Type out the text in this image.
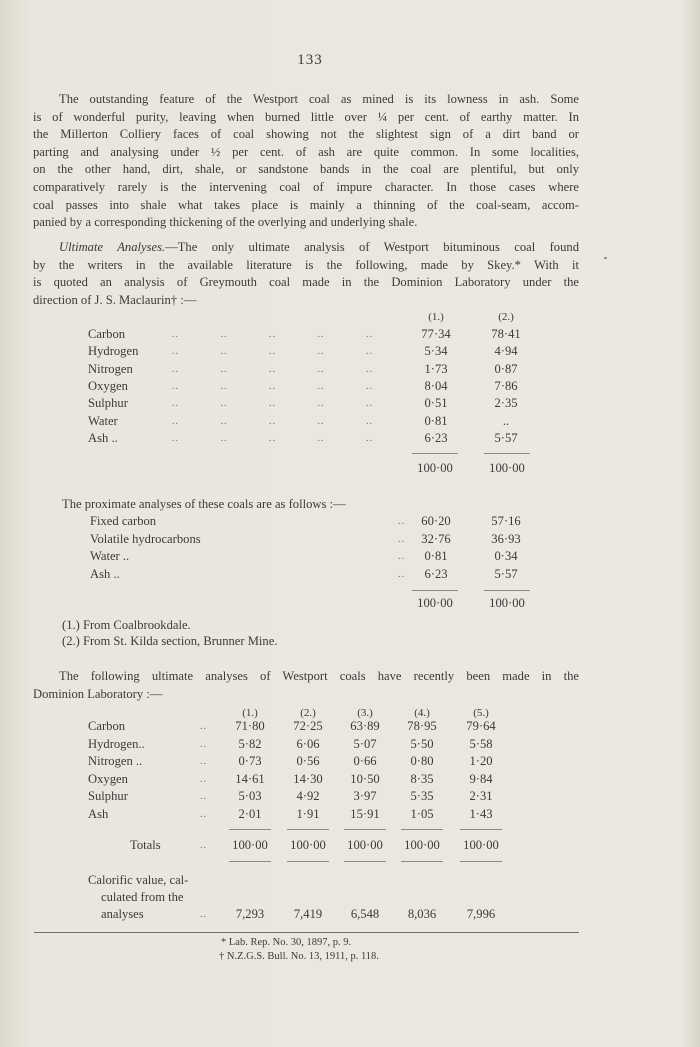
133
The outstanding feature of the Westport coal as mined is its lowness in ash. Some
is of wonderful purity, leaving when burned little over ¼ per cent. of earthy matter. In
the Millerton Colliery faces of coal showing not the slightest sign of a dirt band or
parting and analysing under ½ per cent. of ash are quite common. In some localities,
on the other hand, dirt, shale, or sandstone bands in the coal are plentiful, but only
comparatively rarely is the intervening coal of impure character. In those cases where
coal passes into shale what takes place is mainly a thinning of the coal-seam, accom-
panied by a corresponding thickening of the overlying and underlying shale.
Ultimate Analyses.—The only ultimate analysis of Westport bituminous coal found
by the writers in the available literature is the following, made by Skey.* With it
is quoted an analysis of Greymouth coal made in the Dominion Laboratory under the
direction of J. S. Maclaurin† :—
(1.)	(2.)
Carbon	.. .. .. .. ..	77·34	78·41
Hydrogen	.. .. .. .. ..	5·34	4·94
Nitrogen	.. .. .. .. ..	1·73	0·87
Oxygen	.. .. .. .. ..	8·04	7·86
Sulphur	.. .. .. .. ..	0·51	2·35
Water	.. .. .. .. ..	0·81	..
Ash ..	.. .. .. .. ..	6·23	5·57
100·00	100·00
The proximate analyses of these coals are as follows :—
Fixed carbon	..	60·20	57·16
Volatile hydrocarbons	..	32·76	36·93
Water ..	..	0·81	0·34
Ash ..	..	6·23	5·57
100·00	100·00
(1.) From Coalbrookdale.
(2.) From St. Kilda section, Brunner Mine.
The following ultimate analyses of Westport coals have recently been made in the
Dominion Laboratory :—
(1.)	(2.)	(3.)	(4.)	(5.)
Carbon	..	71·80	72·25	63·89	78·95	79·64
Hydrogen..	..	5·82	6·06	5·07	5·50	5·58
Nitrogen ..	..	0·73	0·56	0·66	0·80	1·20
Oxygen	..	14·61	14·30	10·50	8·35	9·84
Sulphur	..	5·03	4·92	3·97	5·35	2·31
Ash	..	2·01	1·91	15·91	1·05	1·43
Totals	..	100·00	100·00	100·00	100·00	100·00
Calorific value, cal-
culated from the
analyses	..	7,293	7,419	6,548	8,036	7,996
* Lab. Rep. No. 30, 1897, p. 9.
† N.Z.G.S. Bull. No. 13, 1911, p. 118.
